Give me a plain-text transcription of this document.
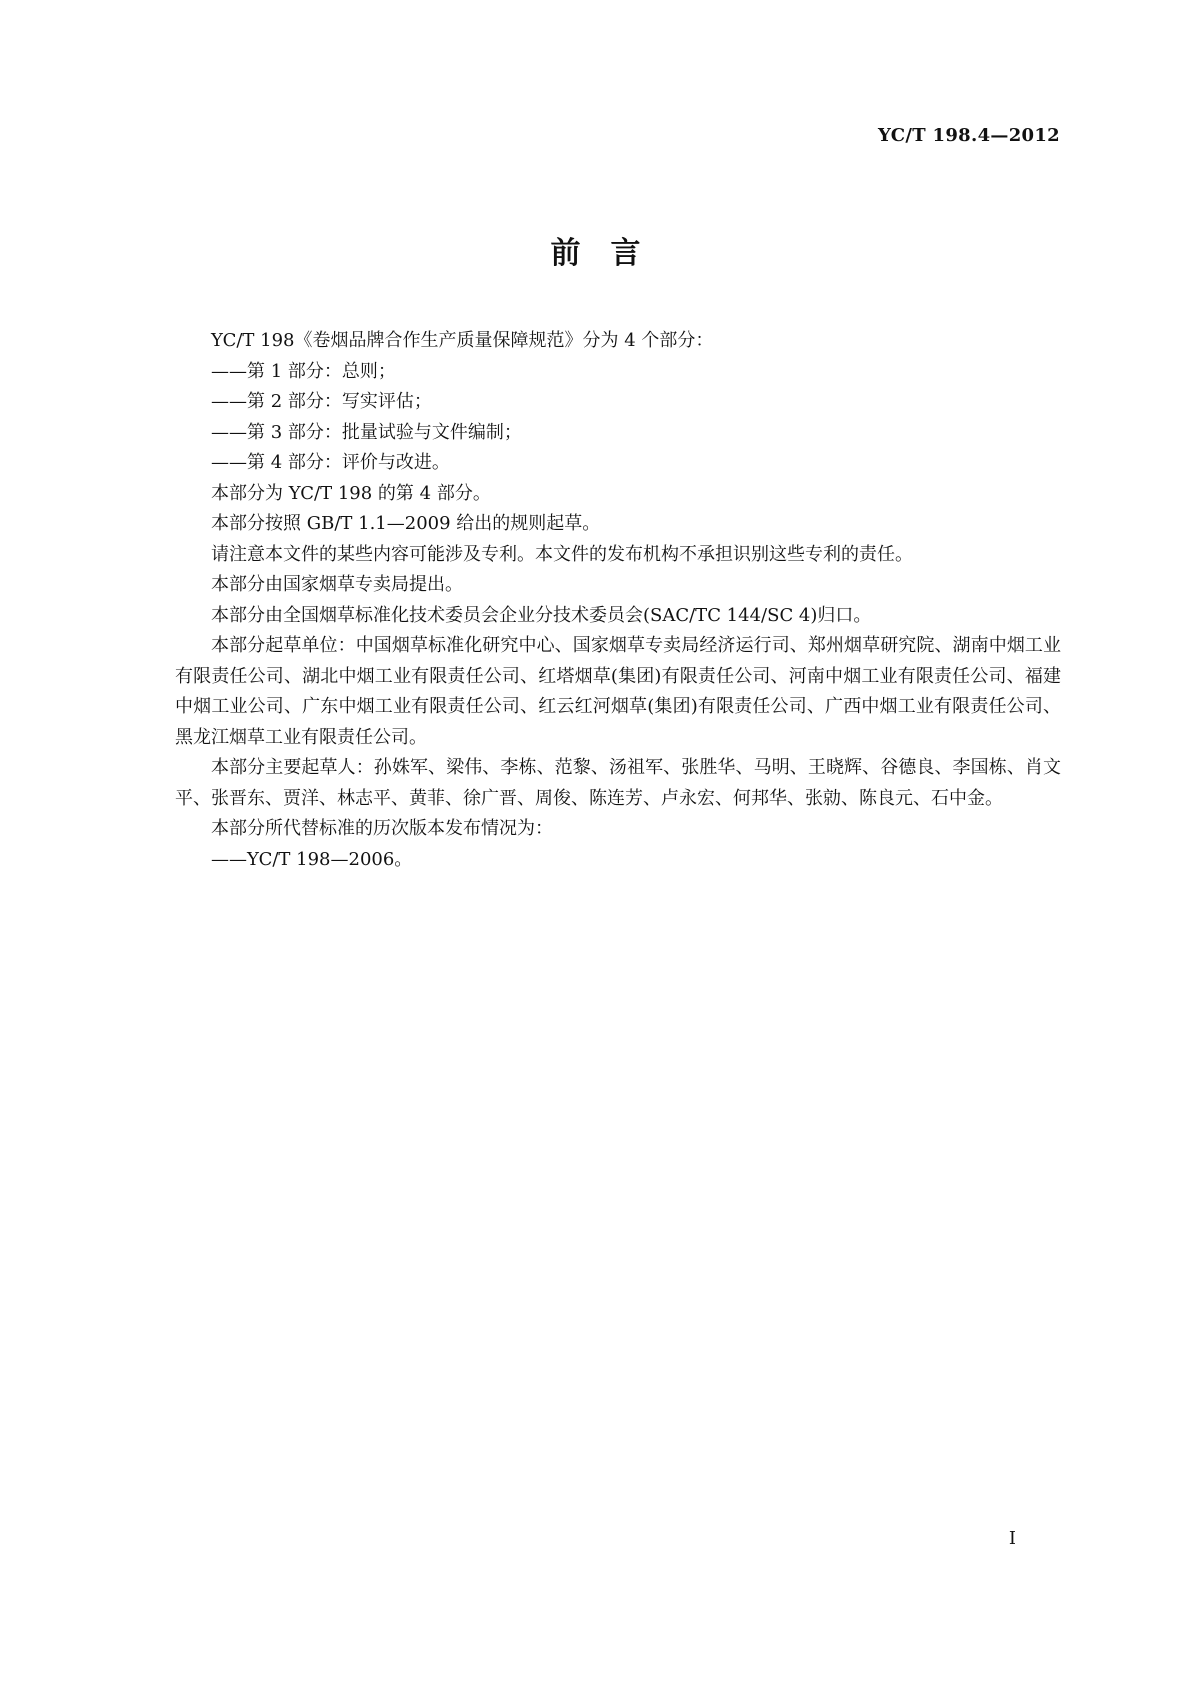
YC/T 198.4—2012
前　言

YC/T 198《卷烟品牌合作生产质量保障规范》分为 4 个部分：

——第 1 部分：总则；

——第 2 部分：写实评估；

——第 3 部分：批量试验与文件编制；

——第 4 部分：评价与改进。

本部分为 YC/T 198 的第 4 部分。

本部分按照 GB/T 1.1—2009 给出的规则起草。

请注意本文件的某些内容可能涉及专利。本文件的发布机构不承担识别这些专利的责任。

本部分由国家烟草专卖局提出。

本部分由全国烟草标准化技术委员会企业分技术委员会(SAC/TC 144/SC 4)归口。

本部分起草单位：中国烟草标准化研究中心、国家烟草专卖局经济运行司、郑州烟草研究院、湖南中烟工业有限责任公司、湖北中烟工业有限责任公司、红塔烟草(集团)有限责任公司、河南中烟工业有限责任公司、福建中烟工业公司、广东中烟工业有限责任公司、红云红河烟草(集团)有限责任公司、广西中烟工业有限责任公司、黑龙江烟草工业有限责任公司。

本部分主要起草人：孙姝军、梁伟、李栋、范黎、汤祖军、张胜华、马明、王晓辉、谷德良、李国栋、肖文平、张晋东、贾洋、林志平、黄菲、徐广晋、周俊、陈连芳、卢永宏、何邦华、张勍、陈良元、石中金。

本部分所代替标准的历次版本发布情况为：

——YC/T 198—2006。

I
